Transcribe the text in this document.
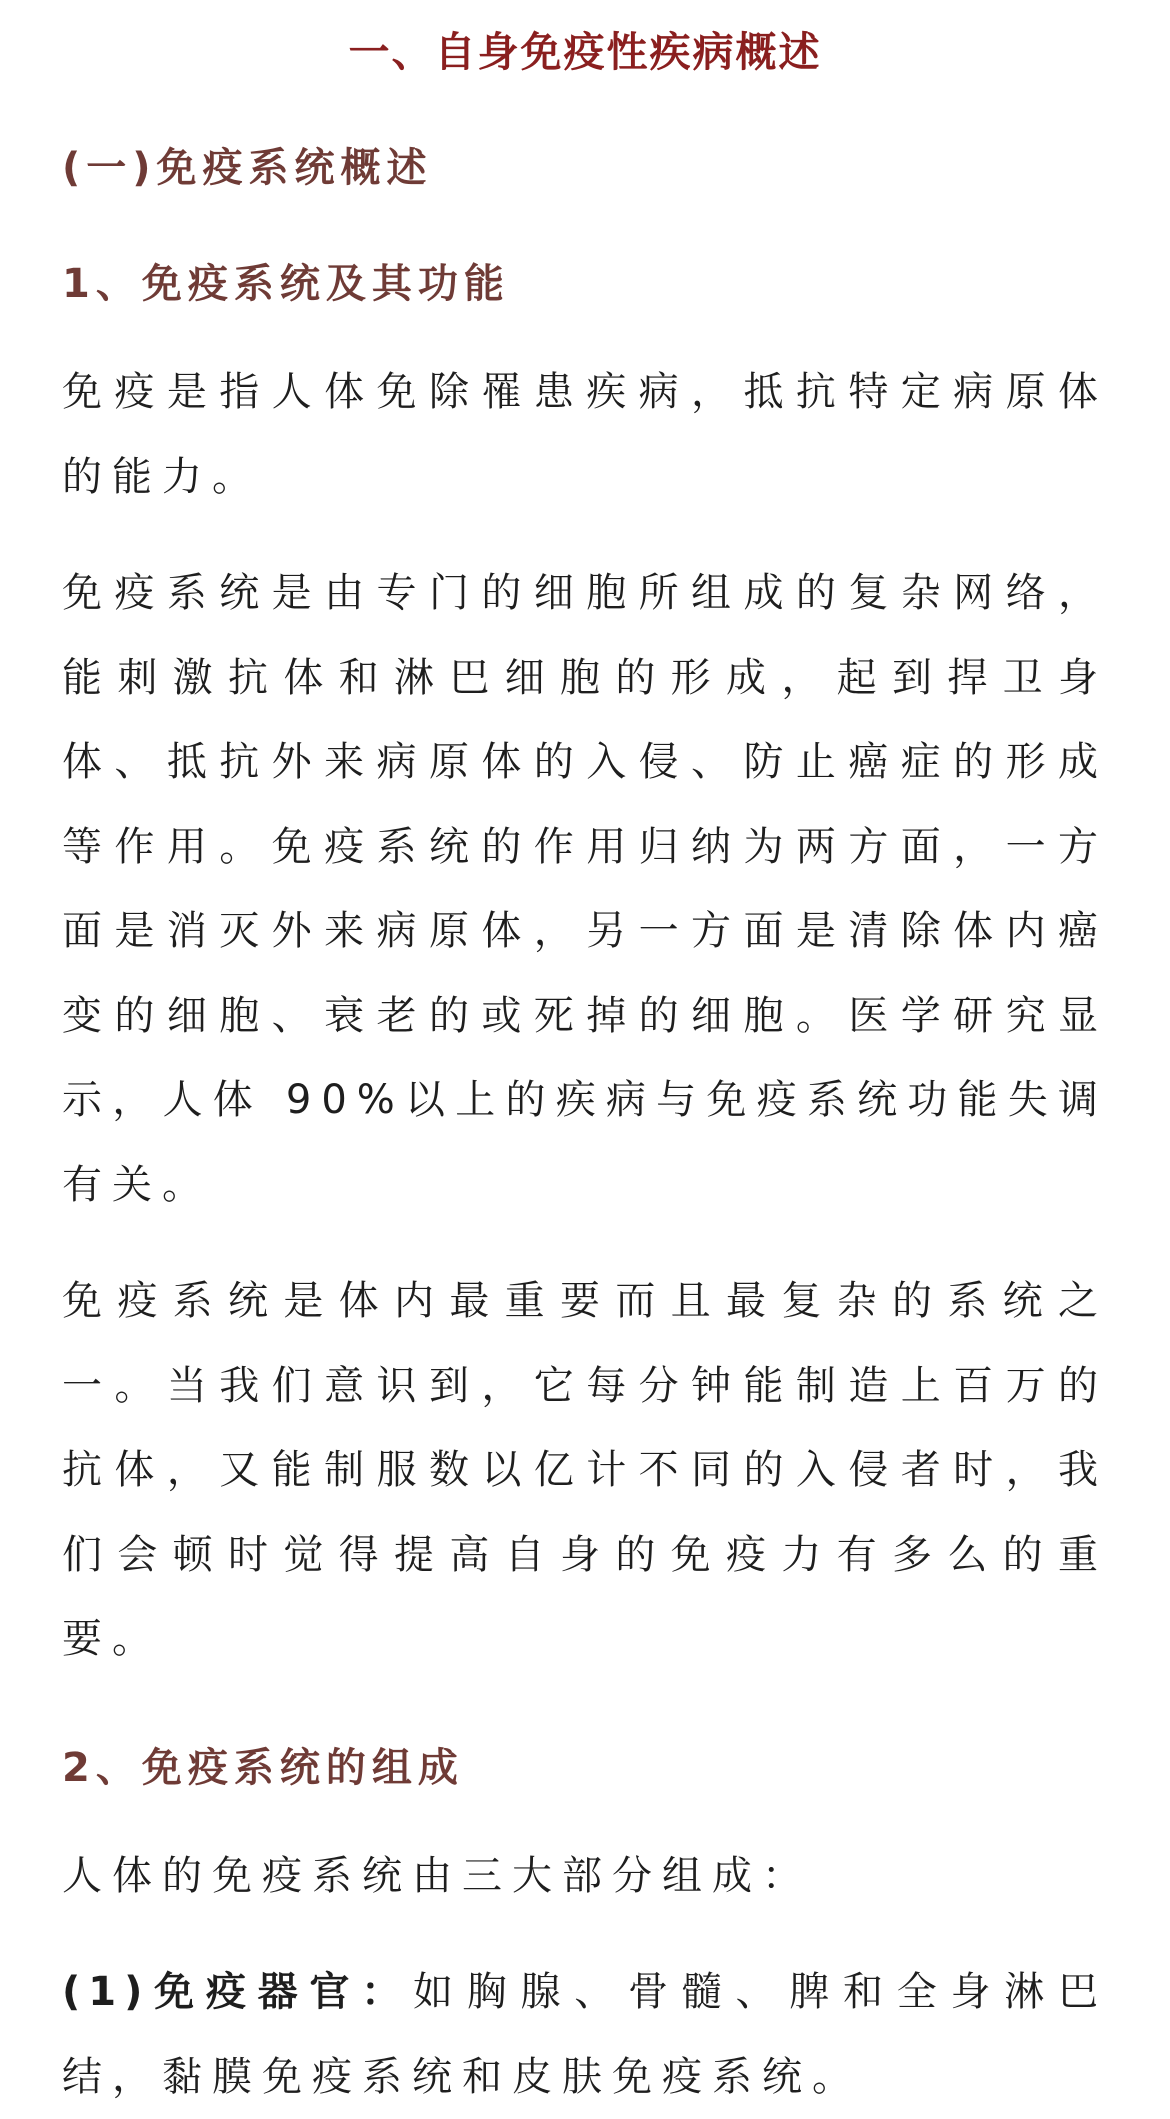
一、自身免疫性疾病概述
(一)免疫系统概述
1、免疫系统及其功能

免疫是指人体免除罹患疾病，抵抗特定病原体的能力。

免疫系统是由专门的细胞所组成的复杂网络，能刺激抗体和淋巴细胞的形成，起到捍卫身体、抵抗外来病原体的入侵、防止癌症的形成等作用。免疫系统的作用归纳为两方面，一方面是消灭外来病原体，另一方面是清除体内癌变的细胞、衰老的或死掉的细胞。医学研究显示，人体 90%以上的疾病与免疫系统功能失调有关。

免疫系统是体内最重要而且最复杂的系统之一。当我们意识到，它每分钟能制造上百万的抗体，又能制服数以亿计不同的入侵者时，我们会顿时觉得提高自身的免疫力有多么的重要。

2、免疫系统的组成

人体的免疫系统由三大部分组成：

(1)免疫器官：如胸腺、骨髓、脾和全身淋巴结，黏膜免疫系统和皮肤免疫系统。
